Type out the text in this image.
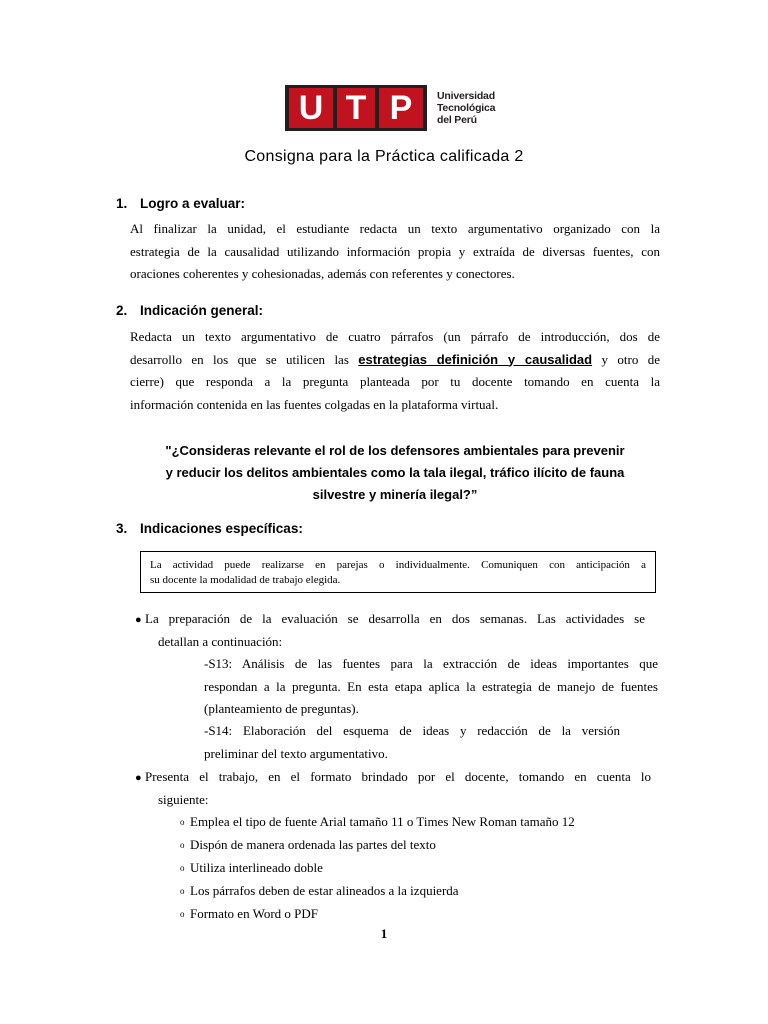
U T P	Universidad
Tecnológica
del Perú
Consigna para la Práctica calificada 2
1. Logro a evaluar:
Al finalizar la unidad, el estudiante redacta un texto argumentativo organizado con la
estrategia de la causalidad utilizando información propia y extraída de diversas fuentes, con
oraciones coherentes y cohesionadas, además con referentes y conectores.
2. Indicación general:
Redacta un texto argumentativo de cuatro párrafos (un párrafo de introducción, dos de
desarrollo en los que se utilicen las estrategias definición y causalidad y otro de
cierre) que responda a la pregunta planteada por tu docente tomando en cuenta la
información contenida en las fuentes colgadas en la plataforma virtual.
"¿Consideras relevante el rol de los defensores ambientales para prevenir
y reducir los delitos ambientales como la tala ilegal, tráfico ilícito de fauna
silvestre y minería ilegal?”
3. Indicaciones específicas:
La actividad puede realizarse en parejas o individualmente. Comuniquen con anticipación a
su docente la modalidad de trabajo elegida.
● La preparación de la evaluación se desarrolla en dos semanas. Las actividades se
detallan a continuación:
-S13: Análisis de las fuentes para la extracción de ideas importantes que
respondan a la pregunta. En esta etapa aplica la estrategia de manejo de fuentes
(planteamiento de preguntas).
-S14: Elaboración del esquema de ideas y redacción de la versión
preliminar del texto argumentativo.
● Presenta el trabajo, en el formato brindado por el docente, tomando en cuenta lo
siguiente:
o Emplea el tipo de fuente Arial tamaño 11 o Times New Roman tamaño 12
o Dispón de manera ordenada las partes del texto
o Utiliza interlineado doble
o Los párrafos deben de estar alineados a la izquierda
o Formato en Word o PDF
1
